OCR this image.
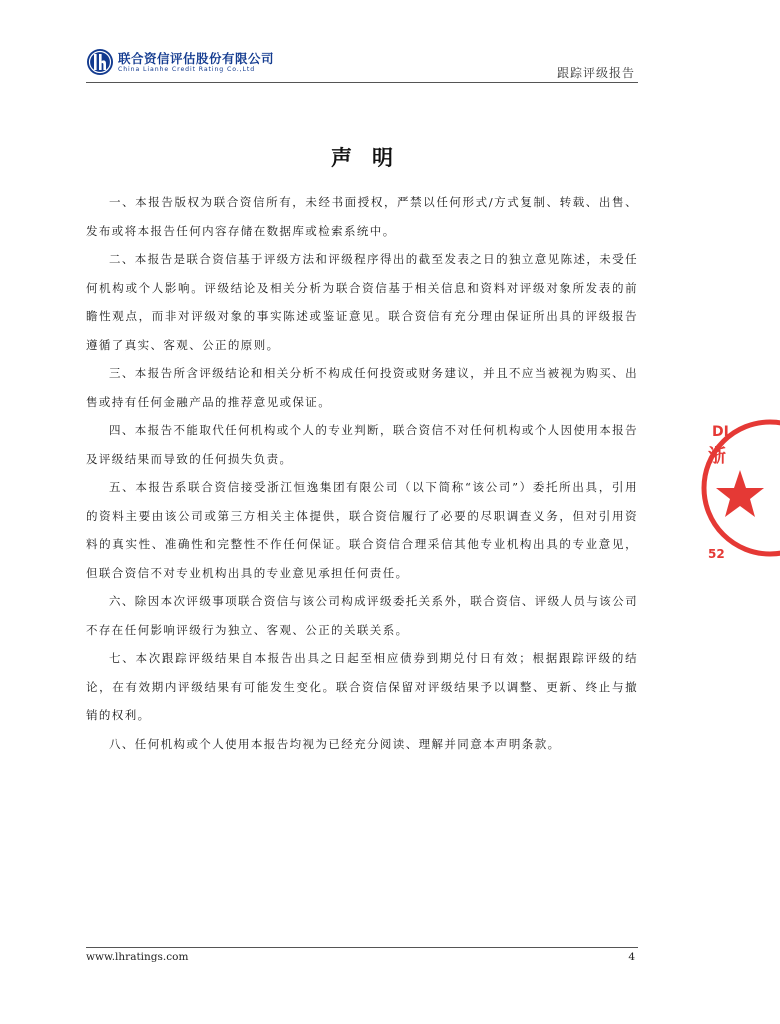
联合资信评估股份有限公司
China Lianhe Credit Rating Co.,Ltd	跟踪评级报告
声明

一、本报告版权为联合资信所有，未经书面授权，严禁以任何形式/方式复制、转载、出售、发布或将本报告任何内容存储在数据库或检索系统中。

二、本报告是联合资信基于评级方法和评级程序得出的截至发表之日的独立意见陈述，未受任何机构或个人影响。评级结论及相关分析为联合资信基于相关信息和资料对评级对象所发表的前瞻性观点，而非对评级对象的事实陈述或鉴证意见。联合资信有充分理由保证所出具的评级报告遵循了真实、客观、公正的原则。

三、本报告所含评级结论和相关分析不构成任何投资或财务建议，并且不应当被视为购买、出售或持有任何金融产品的推荐意见或保证。

四、本报告不能取代任何机构或个人的专业判断，联合资信不对任何机构或个人因使用本报告及评级结果而导致的任何损失负责。

五、本报告系联合资信接受浙江恒逸集团有限公司（以下简称“该公司”）委托所出具，引用的资料主要由该公司或第三方相关主体提供，联合资信履行了必要的尽职调查义务，但对引用资料的真实性、准确性和完整性不作任何保证。联合资信合理采信其他专业机构出具的专业意见，但联合资信不对专业机构出具的专业意见承担任何责任。

六、除因本次评级事项联合资信与该公司构成评级委托关系外，联合资信、评级人员与该公司不存在任何影响评级行为独立、客观、公正的关联关系。

七、本次跟踪评级结果自本报告出具之日起至相应债券到期兑付日有效；根据跟踪评级的结论，在有效期内评级结果有可能发生变化。联合资信保留对评级结果予以调整、更新、终止与撤销的权利。

八、任何机构或个人使用本报告均视为已经充分阅读、理解并同意本声明条款。

DI
浙
52
www.lhratings.com	4
